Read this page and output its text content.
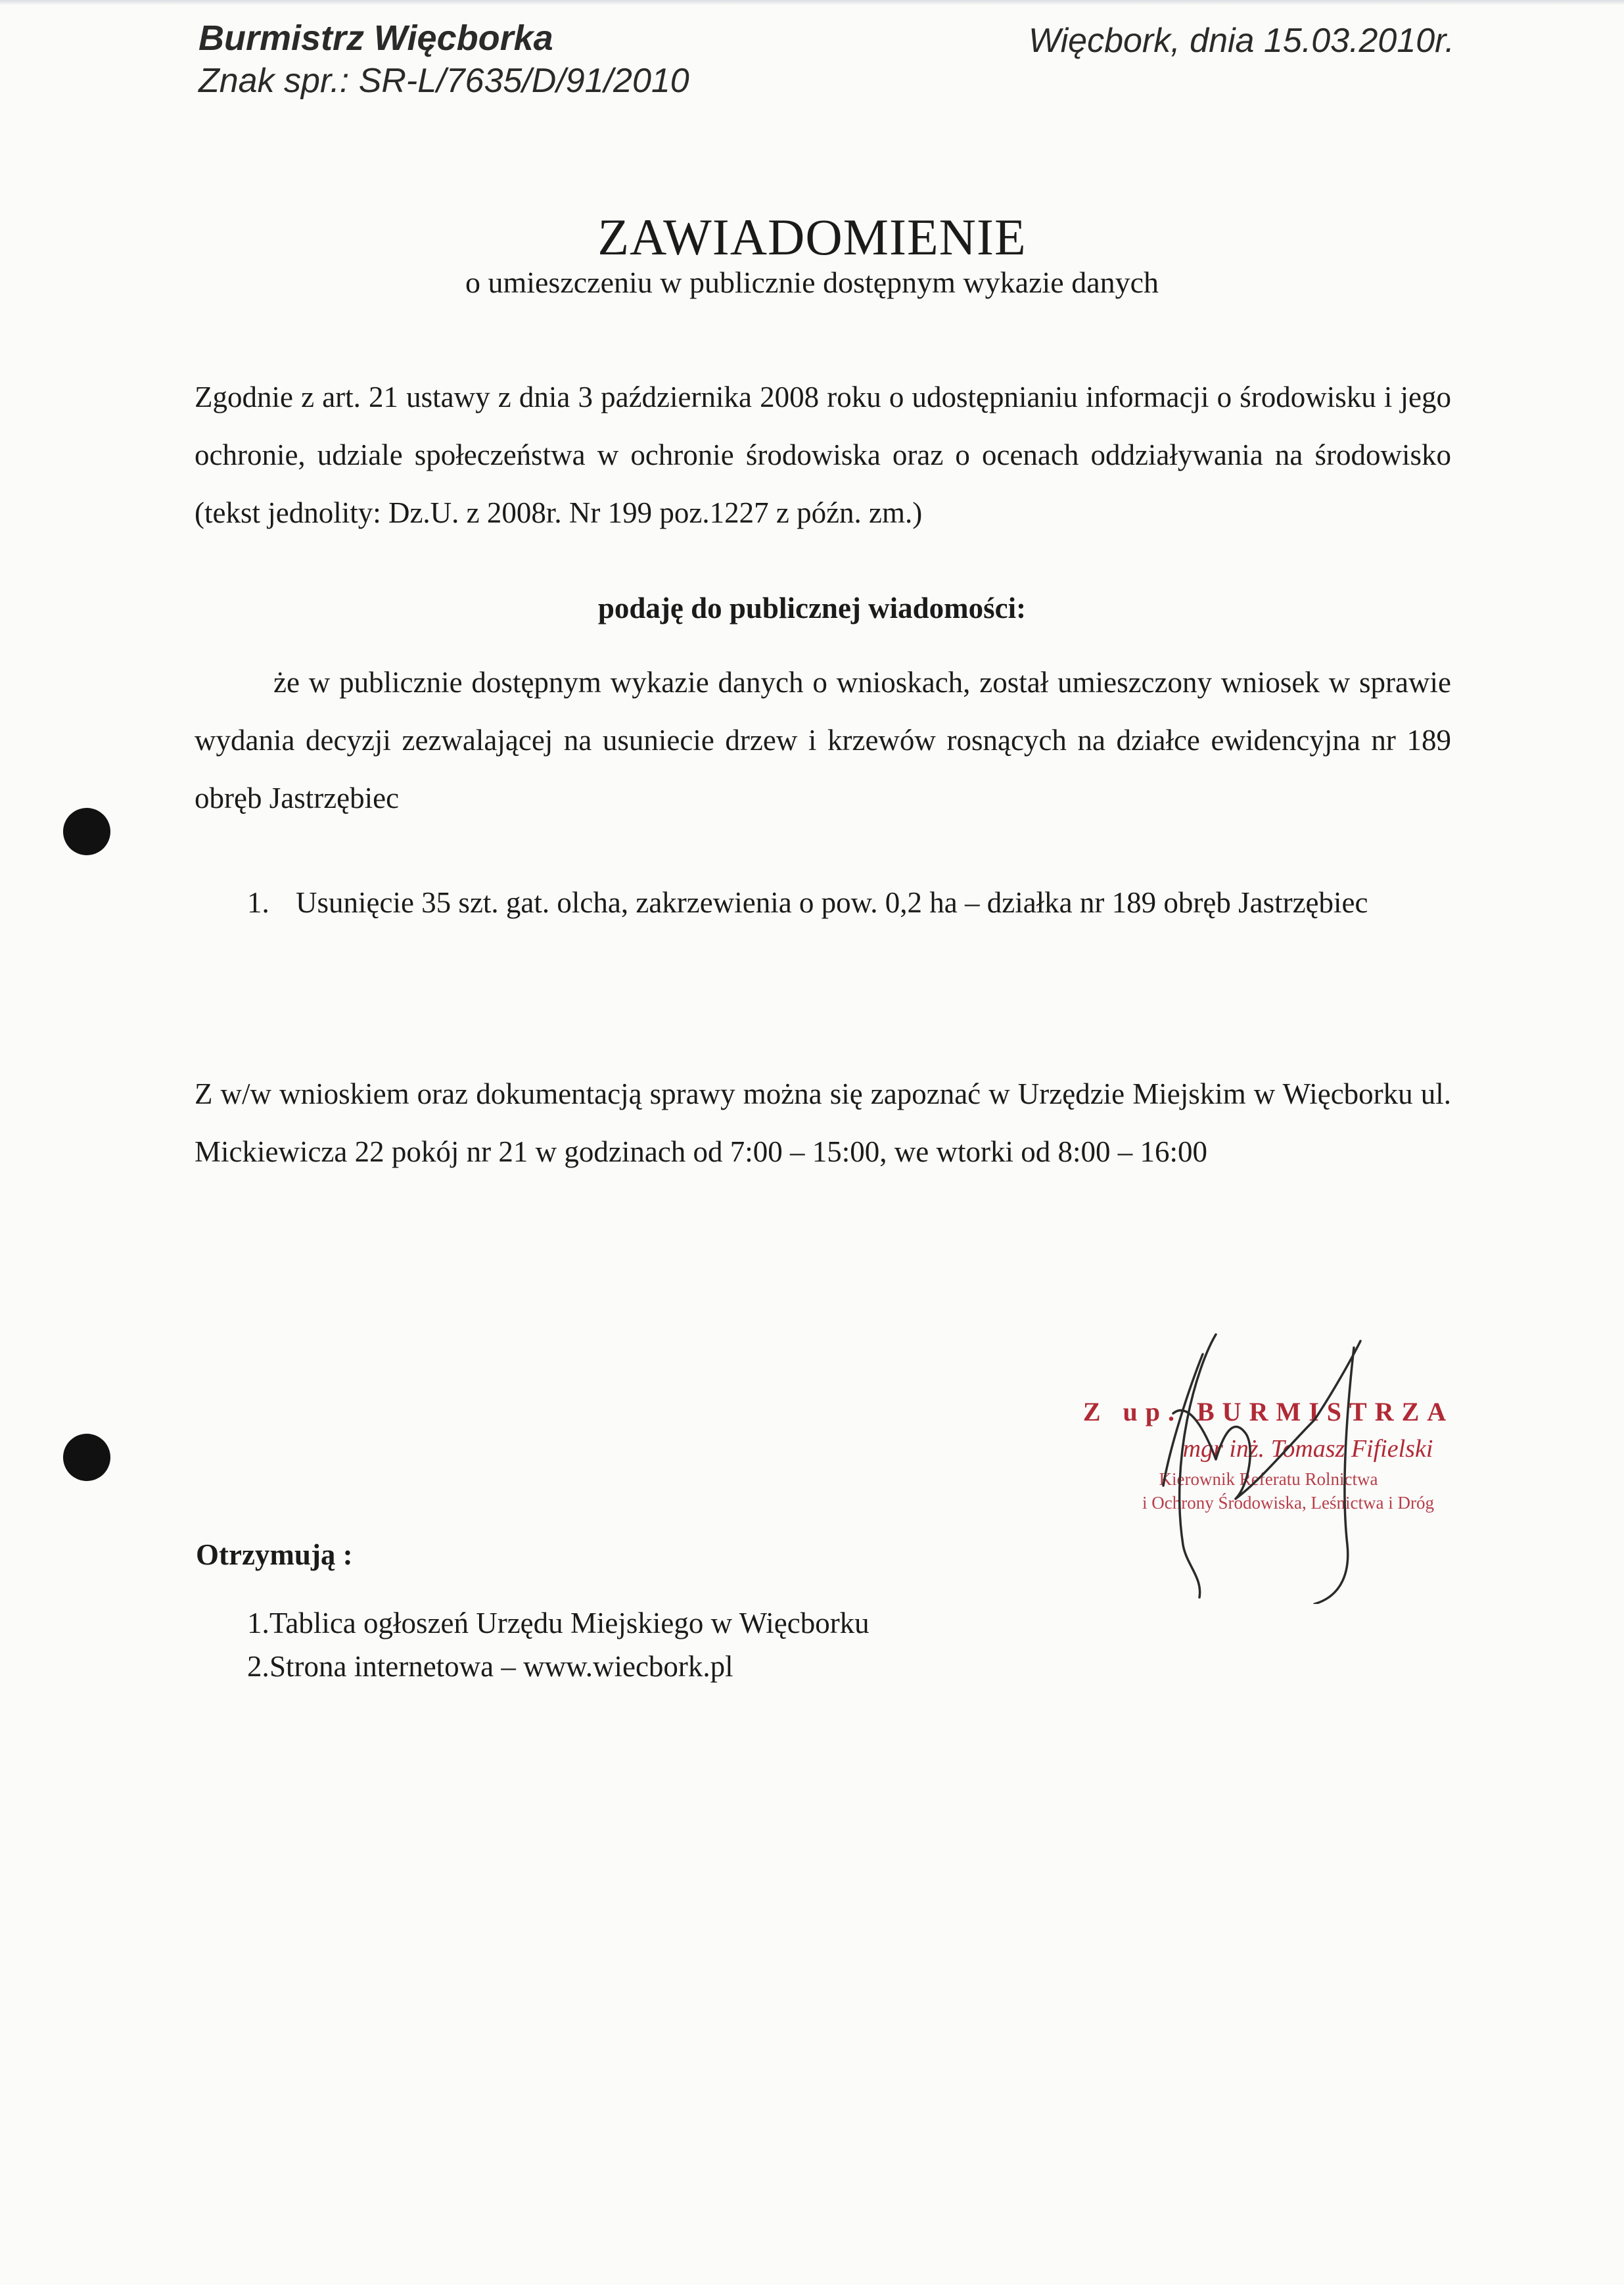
Burmistrz Więcborka
Znak spr.: SR-L/7635/D/91/2010
Więcbork, dnia 15.03.2010r.
ZAWIADOMIENIE
o umieszczeniu w publicznie dostępnym wykazie danych
Zgodnie z art. 21 ustawy z dnia 3 października 2008 roku o udostępnianiu informacji o środowisku i jego ochronie, udziale społeczeństwa w ochronie środowiska oraz o ocenach oddziaływania na środowisko (tekst jednolity: Dz.U. z 2008r. Nr 199 poz.1227 z późn. zm.)
podaję do publicznej wiadomości:
że w publicznie dostępnym wykazie danych o wnioskach, został umieszczony wniosek w sprawie wydania decyzji zezwalającej na usuniecie drzew i krzewów rosnących na działce ewidencyjna nr 189 obręb Jastrzębiec
1. Usunięcie 35 szt. gat. olcha, zakrzewienia o pow. 0,2 ha – działka nr 189 obręb Jastrzębiec
Z w/w wnioskiem oraz dokumentacją sprawy można się zapoznać w Urzędzie Miejskim w Więcborku ul. Mickiewicza 22 pokój nr 21 w godzinach od 7:00 – 15:00, we wtorki od 8:00 – 16:00
Z up. BURMISTRZA
mgr inż. Tomasz Fifielski
Kierownik Referatu Rolnictwa
i Ochrony Środowiska, Leśnictwa i Dróg
Otrzymują :
1.Tablica ogłoszeń Urzędu Miejskiego w Więcborku
2.Strona internetowa – www.wiecbork.pl
